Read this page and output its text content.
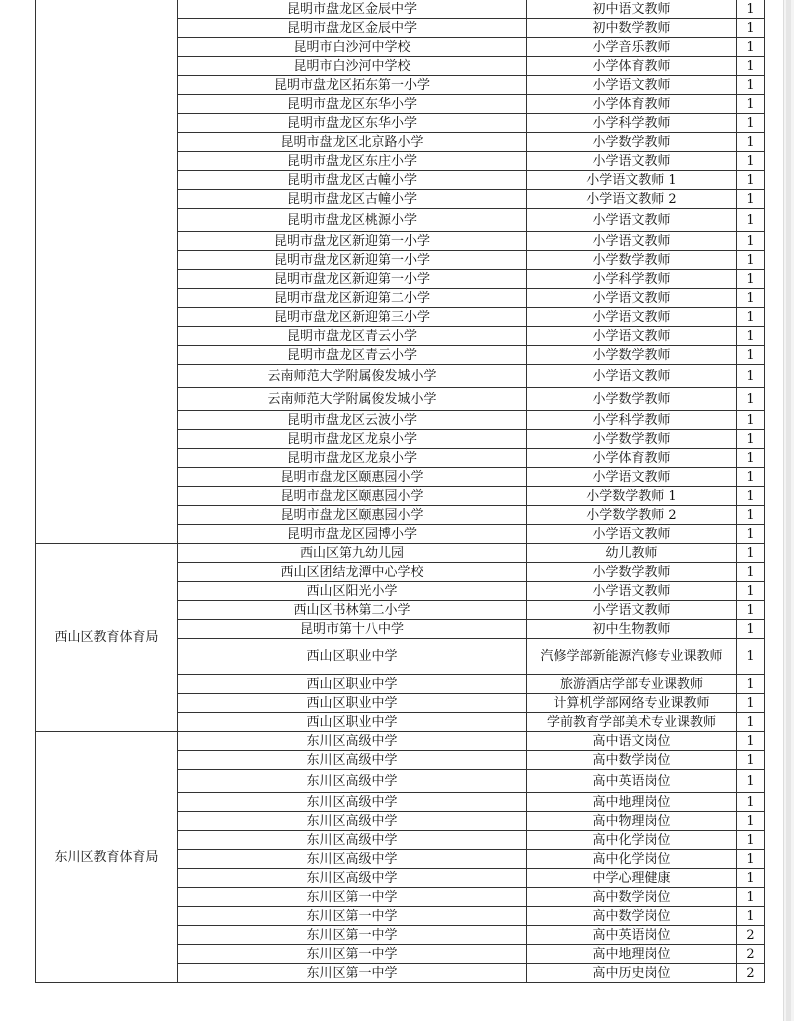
	昆明市盘龙区金辰中学	初中语文教师	1
	昆明市盘龙区金辰中学	初中数学教师	1
	昆明市白沙河中学校	小学音乐教师	1
	昆明市白沙河中学校	小学体育教师	1
	昆明市盘龙区拓东第一小学	小学语文教师	1
	昆明市盘龙区东华小学	小学体育教师	1
	昆明市盘龙区东华小学	小学科学教师	1
	昆明市盘龙区北京路小学	小学数学教师	1
	昆明市盘龙区东庄小学	小学语文教师	1
	昆明市盘龙区古幢小学	小学语文教师 1	1
	昆明市盘龙区古幢小学	小学语文教师 2	1
	昆明市盘龙区桃源小学	小学语文教师	1
	昆明市盘龙区新迎第一小学	小学语文教师	1
	昆明市盘龙区新迎第一小学	小学数学教师	1
	昆明市盘龙区新迎第一小学	小学科学教师	1
	昆明市盘龙区新迎第二小学	小学语文教师	1
	昆明市盘龙区新迎第三小学	小学语文教师	1
	昆明市盘龙区青云小学	小学语文教师	1
	昆明市盘龙区青云小学	小学数学教师	1
	云南师范大学附属俊发城小学	小学语文教师	1
	云南师范大学附属俊发城小学	小学数学教师	1
	昆明市盘龙区云波小学	小学科学教师	1
	昆明市盘龙区龙泉小学	小学数学教师	1
	昆明市盘龙区龙泉小学	小学体育教师	1
	昆明市盘龙区颐惠园小学	小学语文教师	1
	昆明市盘龙区颐惠园小学	小学数学教师 1	1
	昆明市盘龙区颐惠园小学	小学数学教师 2	1
	昆明市盘龙区园博小学	小学语文教师	1
西山区教育体育局	西山区第九幼儿园	幼儿教师	1
	西山区团结龙潭中心学校	小学数学教师	1
	西山区阳光小学	小学语文教师	1
	西山区书林第二小学	小学语文教师	1
	昆明市第十八中学	初中生物教师	1
	西山区职业中学	汽修学部新能源汽修专业课教师	1
	西山区职业中学	旅游酒店学部专业课教师	1
	西山区职业中学	计算机学部网络专业课教师	1
	西山区职业中学	学前教育学部美术专业课教师	1
东川区教育体育局	东川区高级中学	高中语文岗位	1
	东川区高级中学	高中数学岗位	1
	东川区高级中学	高中英语岗位	1
	东川区高级中学	高中地理岗位	1
	东川区高级中学	高中物理岗位	1
	东川区高级中学	高中化学岗位	1
	东川区高级中学	高中化学岗位	1
	东川区高级中学	中学心理健康	1
	东川区第一中学	高中数学岗位	1
	东川区第一中学	高中数学岗位	1
	东川区第一中学	高中英语岗位	2
	东川区第一中学	高中地理岗位	2
	东川区第一中学	高中历史岗位	2
